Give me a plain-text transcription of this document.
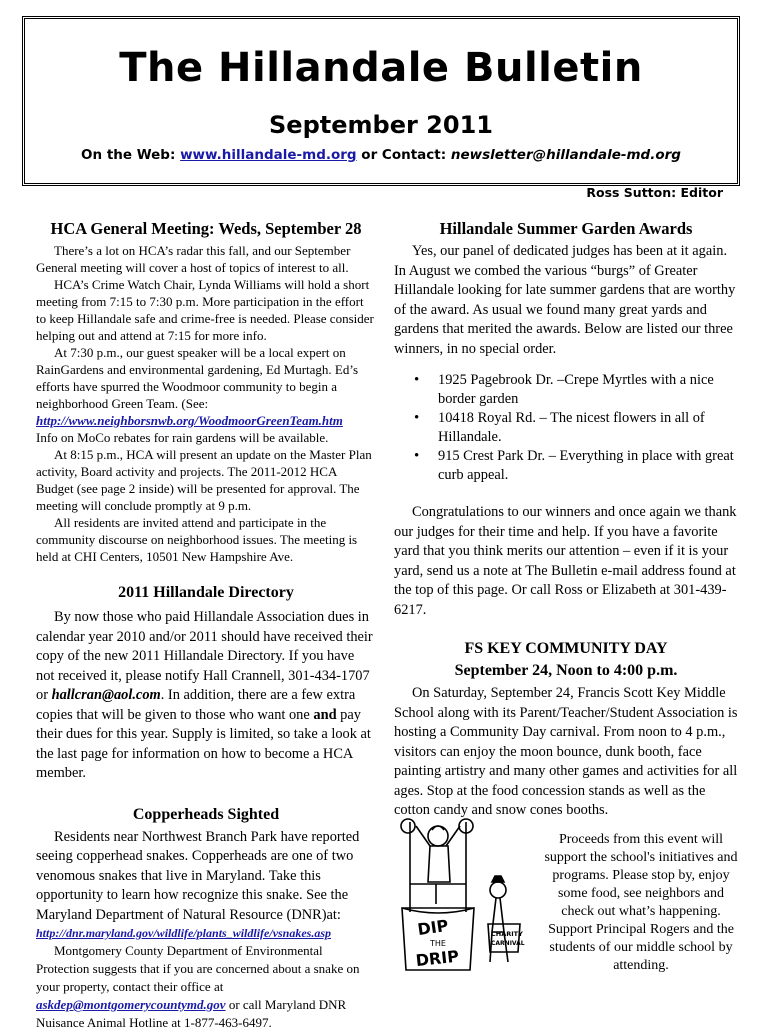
The Hillandale Bulletin
September 2011
On the Web: www.hillandale-md.org or Contact: newsletter@hillandale-md.org
Ross Sutton: Editor
HCA General Meeting: Weds, September 28

There’s a lot on HCA’s radar this fall, and our September General meeting will cover a host of topics of interest to all.

HCA’s Crime Watch Chair, Lynda Williams will hold a short meeting from 7:15 to 7:30 p.m. More participation in the effort to keep Hillandale safe and crime-free is needed. Please consider helping out and attend at 7:15 for more info.

At 7:30 p.m., our guest speaker will be a local expert on RainGardens and environmental gardening, Ed Murtagh. Ed’s efforts have spurred the Woodmoor community to begin a neighborhood Green Team. (See:

http://www.neighborsnwb.org/WoodmoorGreenTeam.htm

Info on MoCo rebates for rain gardens will be available.

At 8:15 p.m., HCA will present an update on the Master Plan activity, Board activity and projects. The 2011-2012 HCA Budget (see page 2 inside) will be presented for approval. The meeting will conclude promptly at 9 p.m.

All residents are invited attend and participate in the community discourse on neighborhood issues. The meeting is held at CHI Centers, 10501 New Hampshire Ave.

2011 Hillandale Directory

By now those who paid Hillandale Association dues in calendar year 2010 and/or 2011 should have received their copy of the new 2011 Hillandale Directory. If you have not received it, please notify Hall Crannell, 301-434-1707 or hallcran@aol.com. In addition, there are a few extra copies that will be given to those who want one and pay their dues for this year. Supply is limited, so take a look at the last page for information on how to become a HCA member.

Copperheads Sighted

Residents near Northwest Branch Park have reported seeing copperhead snakes. Copperheads are one of two venomous snakes that live in Maryland. Take this opportunity to learn how recognize this snake. See the Maryland Department of Natural Resource (DNR)at:

http://dnr.maryland.gov/wildlife/plants_wildlife/vsnakes.asp

Montgomery County Department of Environmental Protection suggests that if you are concerned about a snake on your property, contact their office at askdep@montgomerycountymd.gov or call Maryland DNR Nuisance Animal Hotline at 1-877-463-6497.

Hillandale Summer Garden Awards

Yes, our panel of dedicated judges has been at it again. In August we combed the various “burgs” of Greater Hillandale looking for late summer gardens that are worthy of the award. As usual we found many great yards and gardens that merited the awards. Below are listed our three winners, in no special order.

• 1925 Pagebrook Dr. –Crepe Myrtles with a nice border garden
• 10418 Royal Rd. – The nicest flowers in all of Hillandale.
• 915 Crest Park Dr. – Everything in place with great curb appeal.

Congratulations to our winners and once again we thank our judges for their time and help. If you have a favorite yard that you think merits our attention – even if it is your yard, send us a note at The Bulletin e-mail address found at the top of this page. Or call Ross or Elizabeth at 301-439-6217.

FS KEY COMMUNITY DAY
September 24, Noon to 4:00 p.m.

On Saturday, September 24, Francis Scott Key Middle School along with its Parent/Teacher/Student Association is hosting a Community Day carnival. From noon to 4 p.m., visitors can enjoy the moon bounce, dunk booth, face painting artistry and many other games and activities for all ages. Stop at the food concession stands as well as the cotton candy and snow cones booths.

Proceeds from this event will support the school's initiatives and programs. Please stop by, enjoy some food, see neighbors and check out what’s happening. Support Principal Rogers and the students of our middle school by attending.

DIP
THE
DRIP
CHARITY
CARNIVAL
